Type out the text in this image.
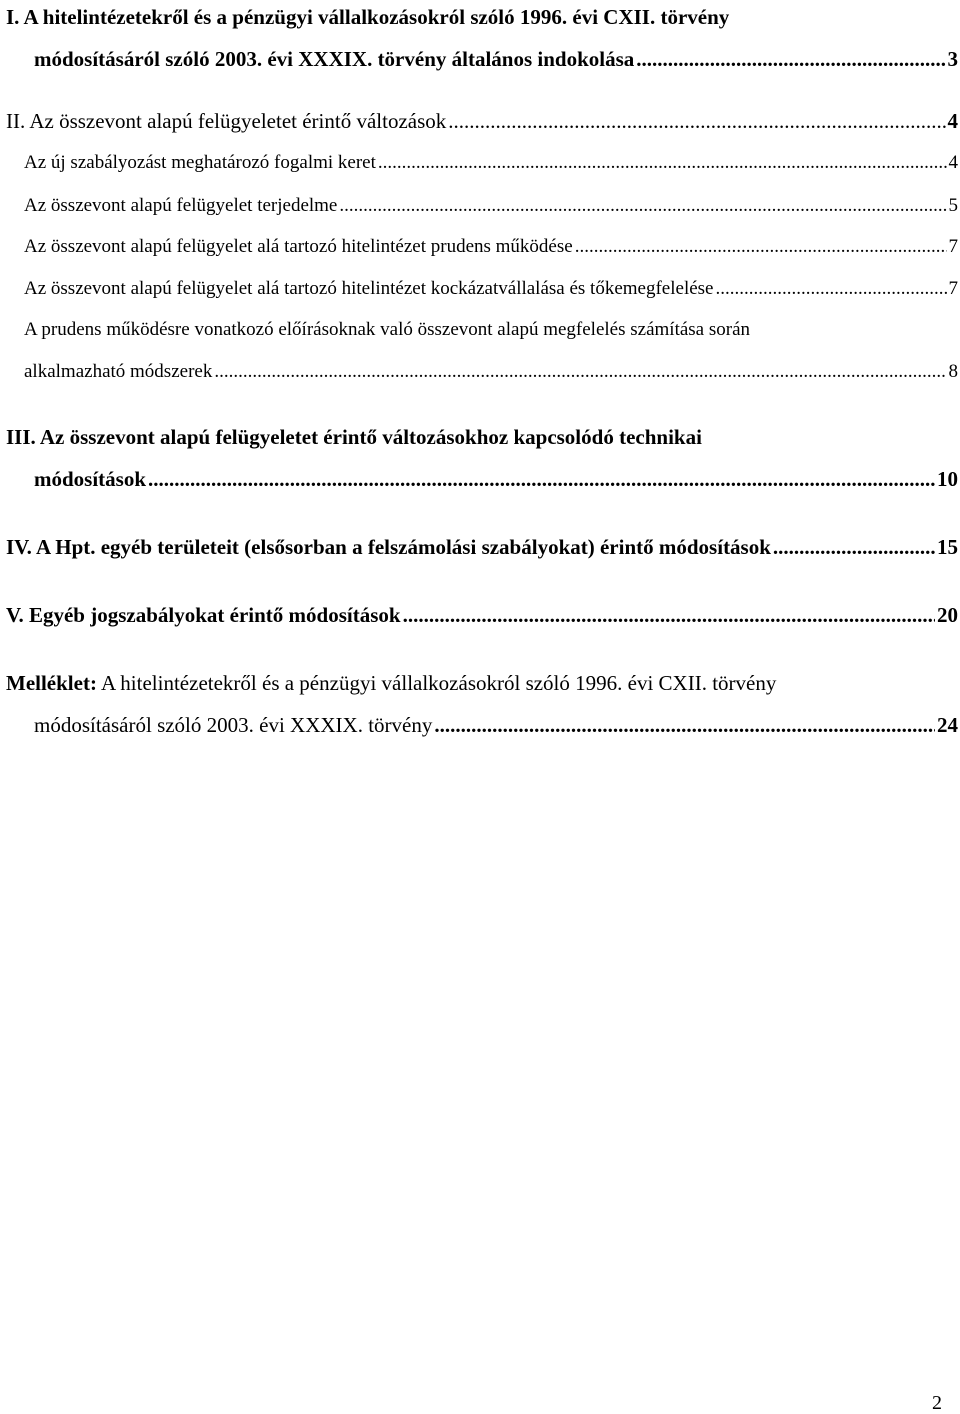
I. A hitelintézetekről és a pénzügyi vállalkozásokról szóló 1996. évi CXII. törvény
módosításáról szóló 2003. évi XXXIX. törvény általános indokolása .....	3
II. Az összevont alapú felügyeletet érintő változások .....	4
Az új szabályozást meghatározó fogalmi keret .....	4
Az összevont alapú felügyelet terjedelme .....	5
Az összevont alapú felügyelet alá tartozó hitelintézet prudens működése .....	7
Az összevont alapú felügyelet alá tartozó hitelintézet kockázatvállalása és tőkemegfelelése .....	7
A prudens működésre vonatkozó előírásoknak való összevont alapú megfelelés számítása során
alkalmazható módszerek .....	8
III. Az összevont alapú felügyeletet érintő változásokhoz kapcsolódó technikai
módosítások .....	10
IV. A Hpt. egyéb területeit (elsősorban a felszámolási szabályokat) érintő módosítások .....	15
V. Egyéb jogszabályokat érintő módosítások .....	20
Melléklet: A hitelintézetekről és a pénzügyi vállalkozásokról szóló 1996. évi CXII. törvény
módosításáról szóló 2003. évi XXXIX. törvény .....	24
2
